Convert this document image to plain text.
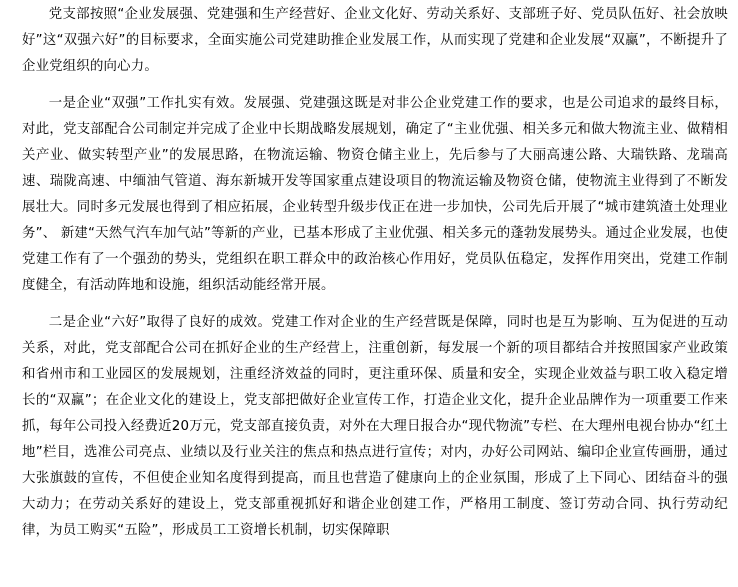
党支部按照“企业发展强、党建强和生产经营好、企业文化好、劳动关系好、支部班子好、党员队伍好、社会放映好”这“双强六好”的目标要求，全面实施公司党建助推企业发展工作，从而实现了党建和企业发展“双赢”，不断提升了企业党组织的向心力。

一是企业“双强”工作扎实有效。发展强、党建强这既是对非公企业党建工作的要求，也是公司追求的最终目标，对此，党支部配合公司制定并完成了企业中长期战略发展规划，确定了“主业优强、相关多元和做大物流主业、做精相关产业、做实转型产业”的发展思路，在物流运输、物资仓储主业上，先后参与了大丽高速公路、大瑞铁路、龙瑞高速、瑞陇高速、中缅油气管道、海东新城开发等国家重点建设项目的物流运输及物资仓储，使物流主业得到了不断发展壮大。同时多元发展也得到了相应拓展，企业转型升级步伐正在进一步加快，公司先后开展了“城市建筑渣土处理业务”、 新建“天然气汽车加气站”等新的产业，已基本形成了主业优强、相关多元的蓬勃发展势头。通过企业发展，也使党建工作有了一个强劲的势头，党组织在职工群众中的政治核心作用好，党员队伍稳定，发挥作用突出，党建工作制度健全，有活动阵地和设施，组织活动能经常开展。

二是企业“六好”取得了良好的成效。党建工作对企业的生产经营既是保障，同时也是互为影响、互为促进的互动关系，对此，党支部配合公司在抓好企业的生产经营上，注重创新，每发展一个新的项目都结合并按照国家产业政策和省州市和工业园区的发展规划，注重经济效益的同时，更注重环保、质量和安全，实现企业效益与职工收入稳定增长的“双赢”；在企业文化的建设上，党支部把做好企业宣传工作，打造企业文化，提升企业品牌作为一项重要工作来抓，每年公司投入经费近20万元，党支部直接负责，对外在大理日报合办“现代物流”专栏、在大理州电视台协办“红土地”栏目，选准公司亮点、业绩以及行业关注的焦点和热点进行宣传；对内，办好公司网站、编印企业宣传画册，通过大张旗鼓的宣传，不但使企业知名度得到提高，而且也营造了健康向上的企业氛围，形成了上下同心、团结奋斗的强大动力；在劳动关系好的建设上，党支部重视抓好和谐企业创建工作，严格用工制度、签订劳动合同、执行劳动纪律，为员工购买“五险”，形成员工工资增长机制，切实保障职
